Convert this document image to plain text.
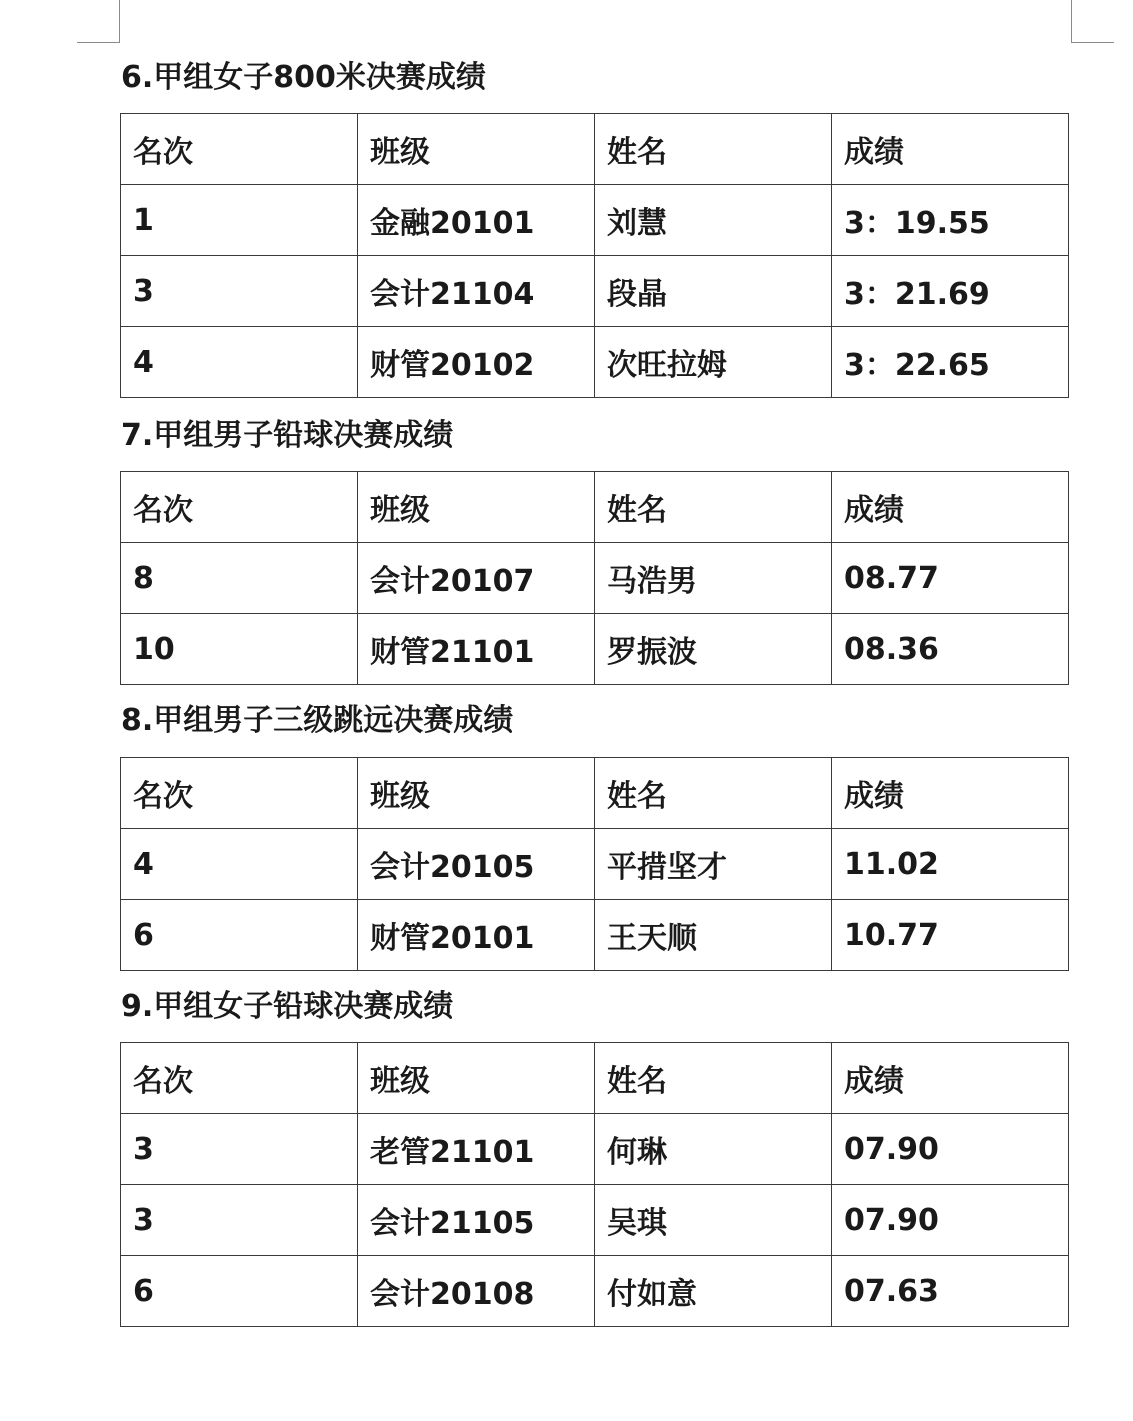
6.甲组女子800米决赛成绩
名次	班级	姓名	成绩
1	金融20101	刘慧	3：19.55
3	会计21104	段晶	3：21.69
4	财管20102	次旺拉姆	3：22.65
7.甲组男子铅球决赛成绩
名次	班级	姓名	成绩
8	会计20107	马浩男	08.77
10	财管21101	罗振波	08.36
8.甲组男子三级跳远决赛成绩
名次	班级	姓名	成绩
4	会计20105	平措坚才	11.02
6	财管20101	王天顺	10.77
9.甲组女子铅球决赛成绩
名次	班级	姓名	成绩
3	老管21101	何琳	07.90
3	会计21105	吴琪	07.90
6	会计20108	付如意	07.63
